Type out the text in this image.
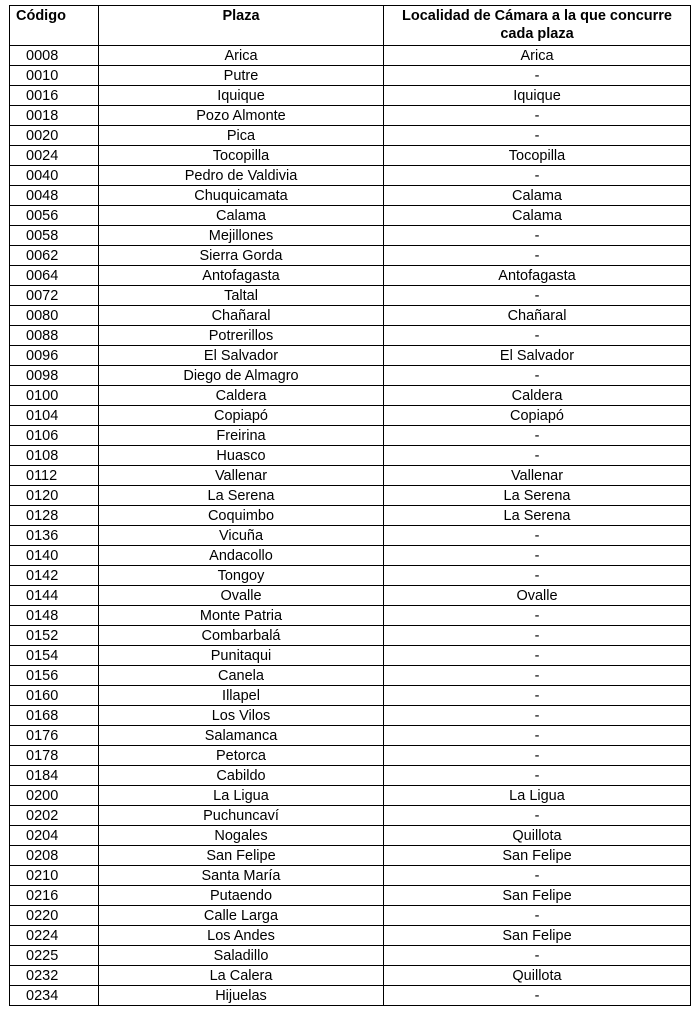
Código	Plaza	Localidad de Cámara a la que concurre cada plaza
0008	Arica	Arica
0010	Putre	-
0016	Iquique	Iquique
0018	Pozo Almonte	-
0020	Pica	-
0024	Tocopilla	Tocopilla
0040	Pedro de Valdivia	-
0048	Chuquicamata	Calama
0056	Calama	Calama
0058	Mejillones	-
0062	Sierra Gorda	-
0064	Antofagasta	Antofagasta
0072	Taltal	-
0080	Chañaral	Chañaral
0088	Potrerillos	-
0096	El Salvador	El Salvador
0098	Diego de Almagro	-
0100	Caldera	Caldera
0104	Copiapó	Copiapó
0106	Freirina	-
0108	Huasco	-
0112	Vallenar	Vallenar
0120	La Serena	La Serena
0128	Coquimbo	La Serena
0136	Vicuña	-
0140	Andacollo	-
0142	Tongoy	-
0144	Ovalle	Ovalle
0148	Monte Patria	-
0152	Combarbalá	-
0154	Punitaqui	-
0156	Canela	-
0160	Illapel	-
0168	Los Vilos	-
0176	Salamanca	-
0178	Petorca	-
0184	Cabildo	-
0200	La Ligua	La Ligua
0202	Puchuncaví	-
0204	Nogales	Quillota
0208	San Felipe	San Felipe
0210	Santa María	-
0216	Putaendo	San Felipe
0220	Calle Larga	-
0224	Los Andes	San Felipe
0225	Saladillo	-
0232	La Calera	Quillota
0234	Hijuelas	-
